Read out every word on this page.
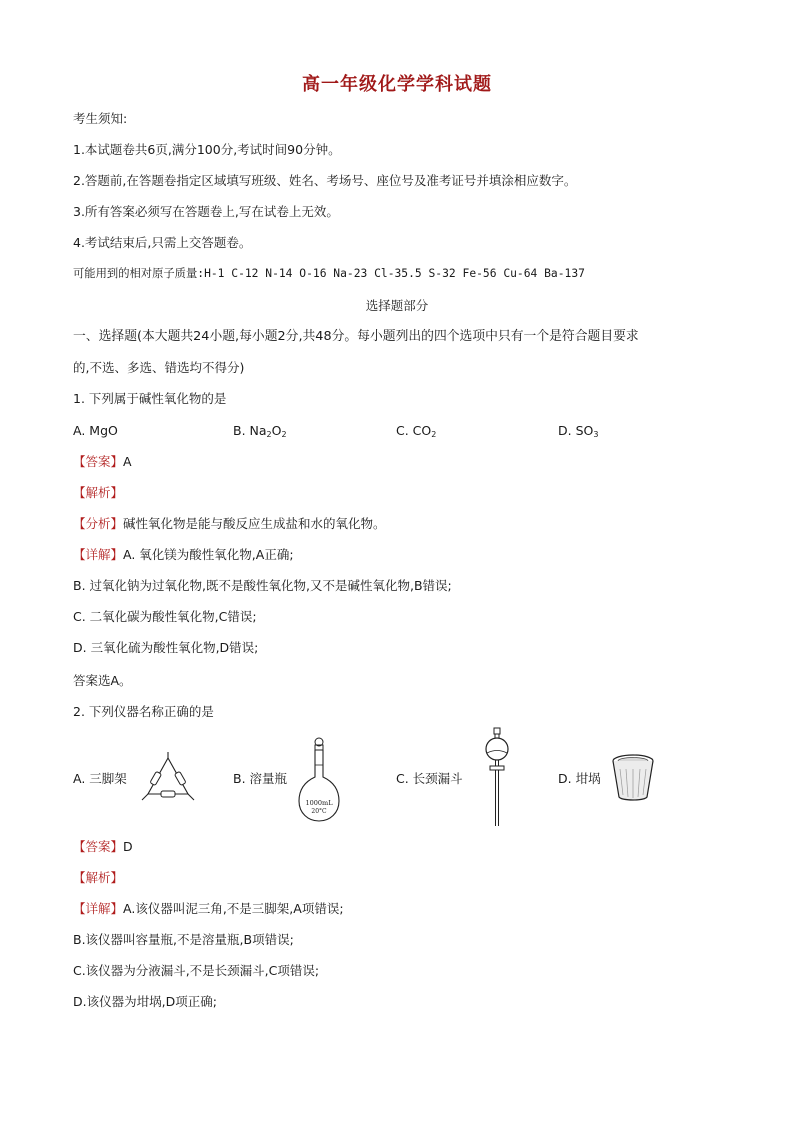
高一年级化学学科试题
考生须知:
1.本试题卷共6页,满分100分,考试时间90分钟。
2.答题前,在答题卷指定区域填写班级、姓名、考场号、座位号及准考证号并填涂相应数字。
3.所有答案必须写在答题卷上,写在试卷上无效。
4.考试结束后,只需上交答题卷。
可能用到的相对原子质量:H-1 C-12 N-14 O-16 Na-23 Cl-35.5 S-32 Fe-56 Cu-64 Ba-137
选择题部分
一、选择题(本大题共24小题,每小题2分,共48分。每小题列出的四个选项中只有一个是符合题目要求
的,不选、多选、错选均不得分)
1. 下列属于碱性氧化物的是
A. MgO	B. $Na_2O_2$	C. $CO_2$	D. $SO_3$
【答案】A
【解析】
【分析】碱性氧化物是能与酸反应生成盐和水的氧化物。
【详解】A. 氧化镁为酸性氧化物,A正确;
B. 过氧化钠为过氧化物,既不是酸性氧化物,又不是碱性氧化物,B错误;
C. 二氧化碳为酸性氧化物,C错误;
D. 三氧化硫为酸性氧化物,D错误;
答案选A。
2. 下列仪器名称正确的是
A. 三脚架	B. 溶量瓶
1000mL
20°C
C. 长颈漏斗	D. 坩埚
【答案】D
【解析】
【详解】A.该仪器叫泥三角,不是三脚架,A项错误;
B.该仪器叫容量瓶,不是溶量瓶,B项错误;
C.该仪器为分液漏斗,不是长颈漏斗,C项错误;
D.该仪器为坩埚,D项正确;
